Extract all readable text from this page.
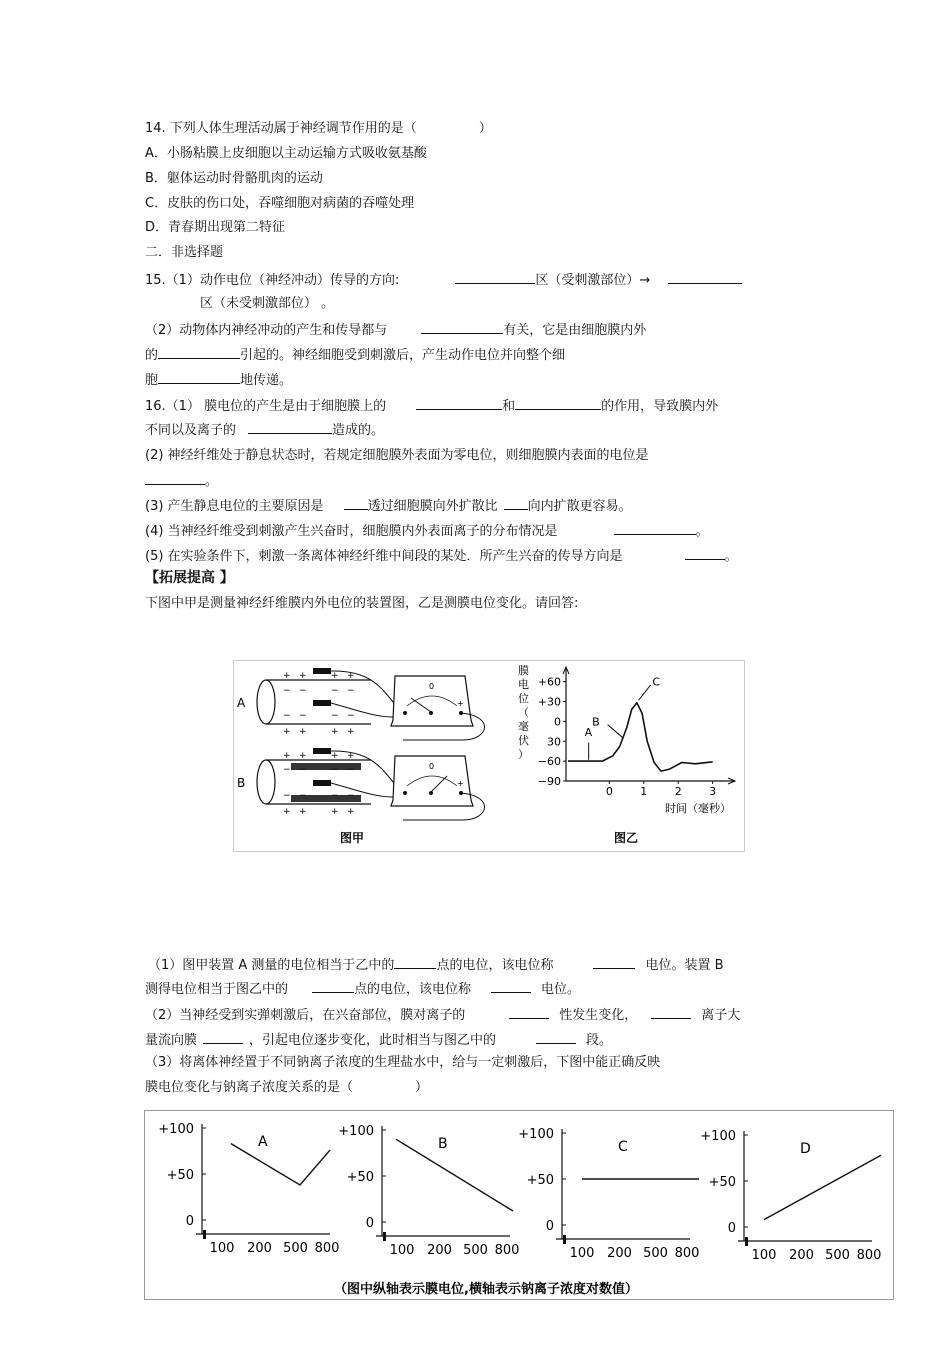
14. 下列人体生理活动属于神经调节作用的是（	）
A．小肠粘膜上皮细胞以主动运输方式吸收氨基酸
B．躯体运动时骨骼肌肉的运动
C．皮肤的伤口处，吞噬细胞对病菌的吞噬处理
D．青春期出现第二特征
二．非选择题
15.（1）动作电位（神经冲动）传导的方向:	区（受刺激部位）→
区（未受刺激部位） 。
（2）动物体内神经冲动的产生和传导都与	有关，它是由细胞膜内外
的	引起的。神经细胞受到刺激后，产生动作电位并向整个细
胞	地传递。
16.（1） 膜电位的产生是由于细胞膜上的	和	的作用，导致膜内外
不同以及离子的	造成的。
(2) 神经纤维处于静息状态时，若规定细胞膜外表面为零电位，则细胞膜内表面的电位是
。
(3) 产生静息电位的主要原因是	透过细胞膜向外扩散比 向内扩散更容易。
(4) 当神经纤维受到刺激产生兴奋时，细胞膜内外表面离子的分布情况是	。
(5) 在实验条件下，刺激一条离体神经纤维中间段的某处．所产生兴奋的传导方向是	。
【拓展提高 】
下图中甲是测量神经纤维膜内外电位的装置图，乙是测膜电位变化。请回答:
A
+ +	+ +
− −	− −
− −	− −
+ +	+ +
0
+
B
+ +	+ +
−
−
+ +	+ +
0
+
图甲
膜
电
位
（
毫
伏
）
时间（毫秒）
图乙
+60
+30
0
30
−60
−90
0 1 2 3
A
B
C
（1）图甲装置 A 测量的电位相当于乙中的	点的电位，该电位称	电位。装置 B
测得电位相当于图乙中的	点的电位，该电位称	电位。
（2）当神经受到实弹刺激后，在兴奋部位，膜对离子的	性发生变化，	离子大
量流向膜	，引起电位逐步变化，此时相当与图乙中的	段。
（3）将离体神经置于不同钠离子浓度的生理盐水中，给与一定刺激后，下图中能正确反映
膜电位变化与钠离子浓度关系的是（	）
+100
+50
0
100 200 500 800
A
+100
+50
0
100 200 500 800
B
+100
+50
0
100 200 500 800
C
+100
+50
0
100 200 500 800
D
（图中纵轴表示膜电位,横轴表示钠离子浓度对数值）
